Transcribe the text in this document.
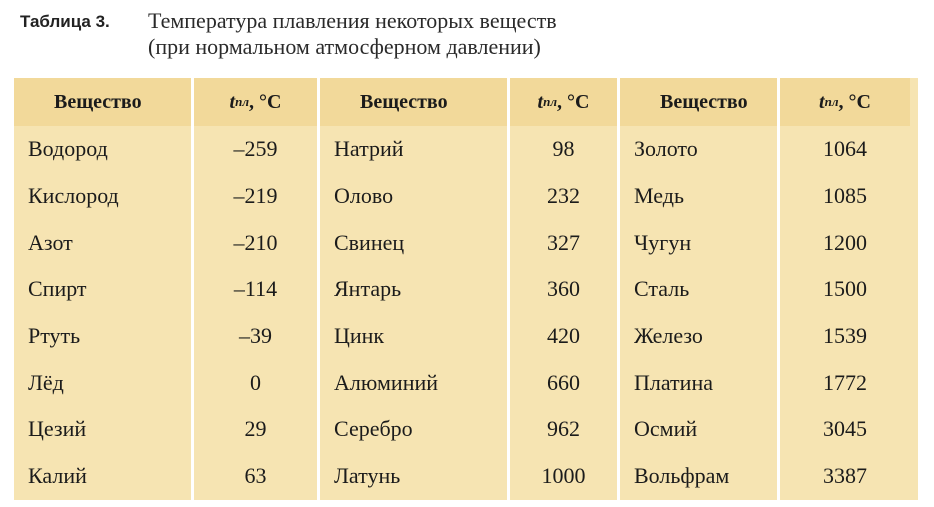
Таблица 3.	Температура плавления некоторых веществ
(при нормальном атмосферном давлении)
Вещество	t пл , °C	Вещество	t пл , °C	Вещество	t пл , °C
Водород	–259	Натрий	98	Золото	1064
Кислород	–219	Олово	232	Медь	1085
Азот	–210	Свинец	327	Чугун	1200
Спирт	–114	Янтарь	360	Сталь	1500
Ртуть	–39	Цинк	420	Железо	1539
Лёд	0	Алюминий	660	Платина	1772
Цезий	29	Серебро	962	Осмий	3045
Калий	63	Латунь	1000	Вольфрам	3387
